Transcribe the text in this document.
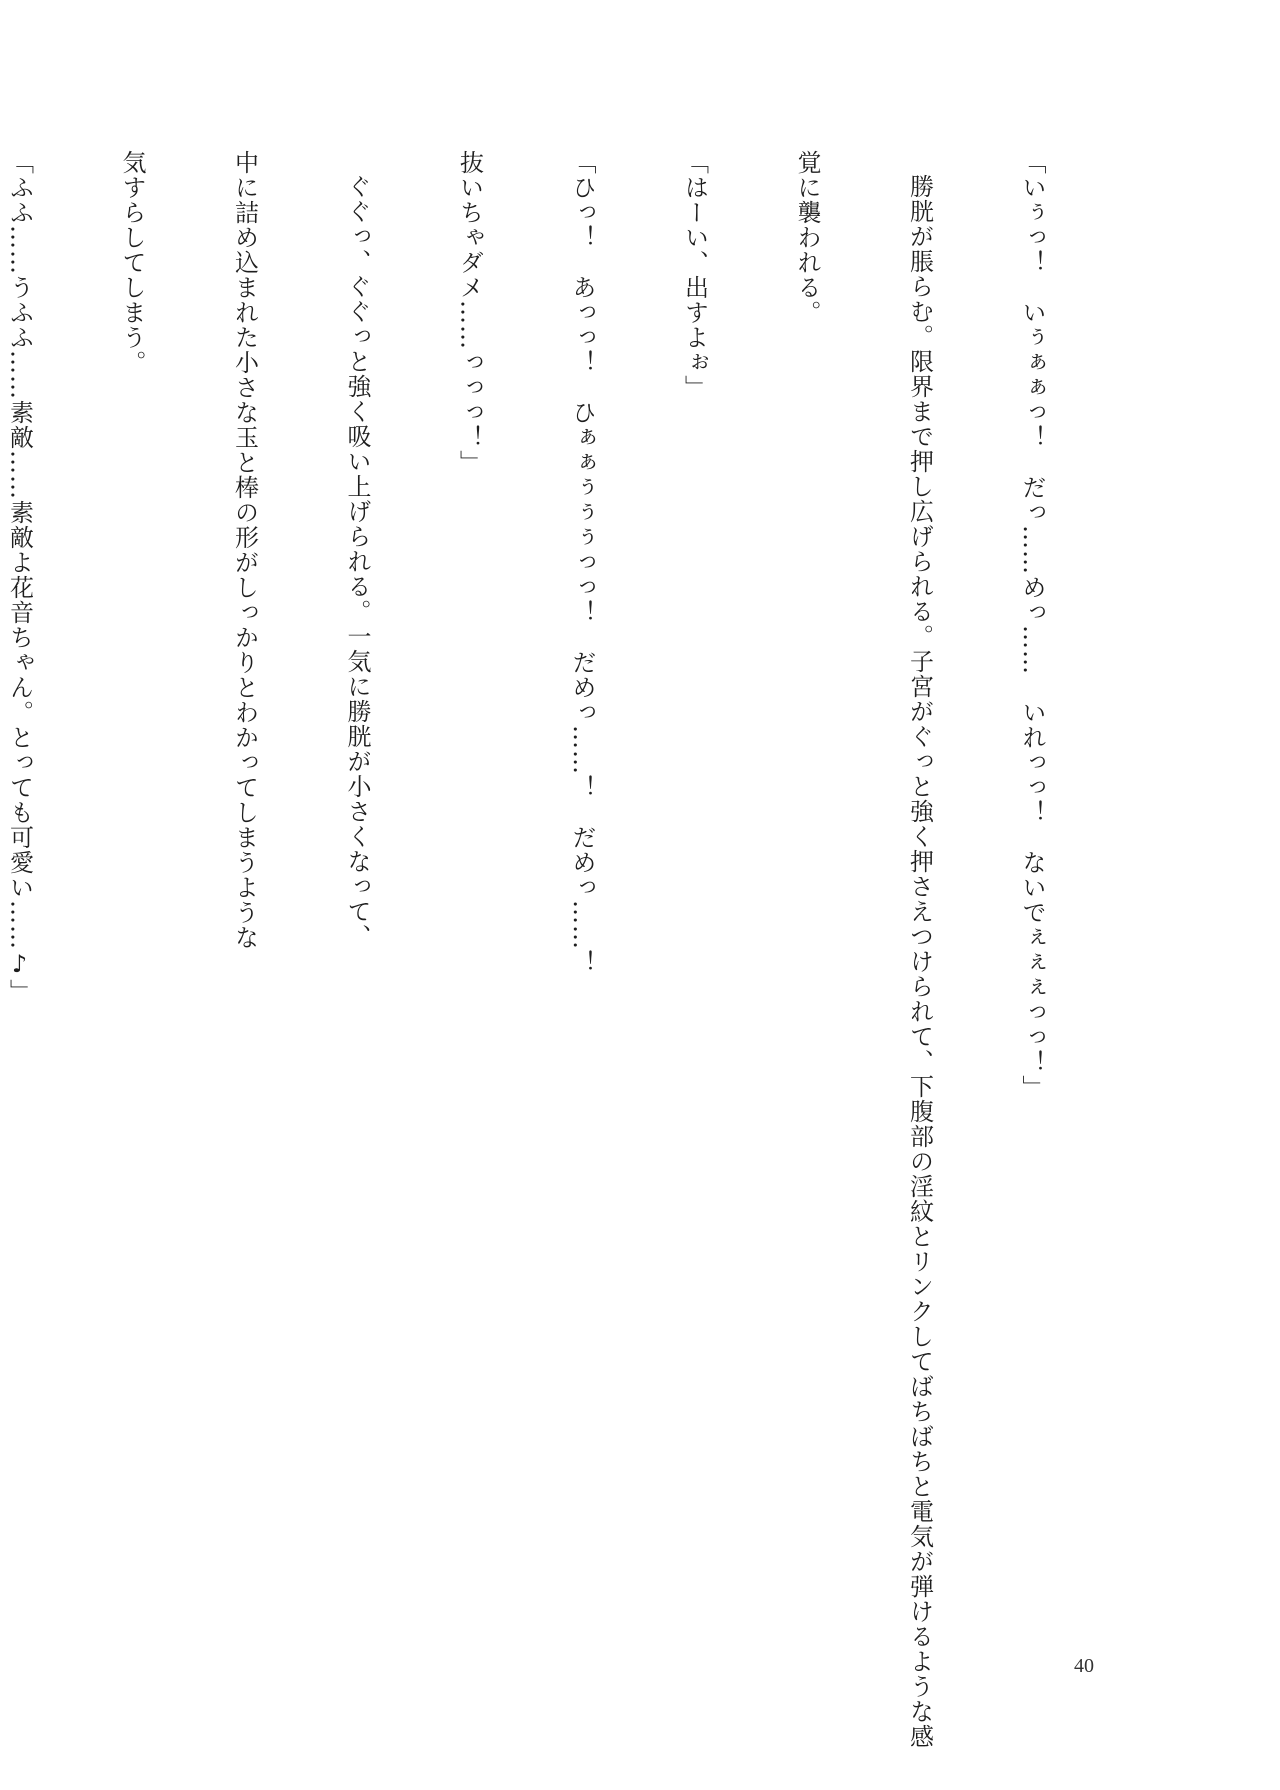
「いぅっ！　いぅぁぁっ！　だっ……めっ……　いれっっ！　ないでぇぇぇっっ！」

勝胱が脹らむ。限界まで押し広げられる。子宮がぐっと強く押さえつけられて、下腹部の淫紋とリンクしてばちばちと電気が弾けるような感

覚に襲われる。

「はーい、出すよぉ」

「ひっ！　あっっ！　ひぁぁぅぅぅっっ！　だめっ……！　だめっ……！

抜いちゃダメ……っっっ！」

ぐぐっ、ぐぐっと強く吸い上げられる。一気に勝胱が小さくなって、

中に詰め込まれた小さな玉と棒の形がしっかりとわかってしまうような

気すらしてしまう。

「ふふ……うふふ……素敵……素敵よ花音ちゃん。とっても可愛い……♪」

40
